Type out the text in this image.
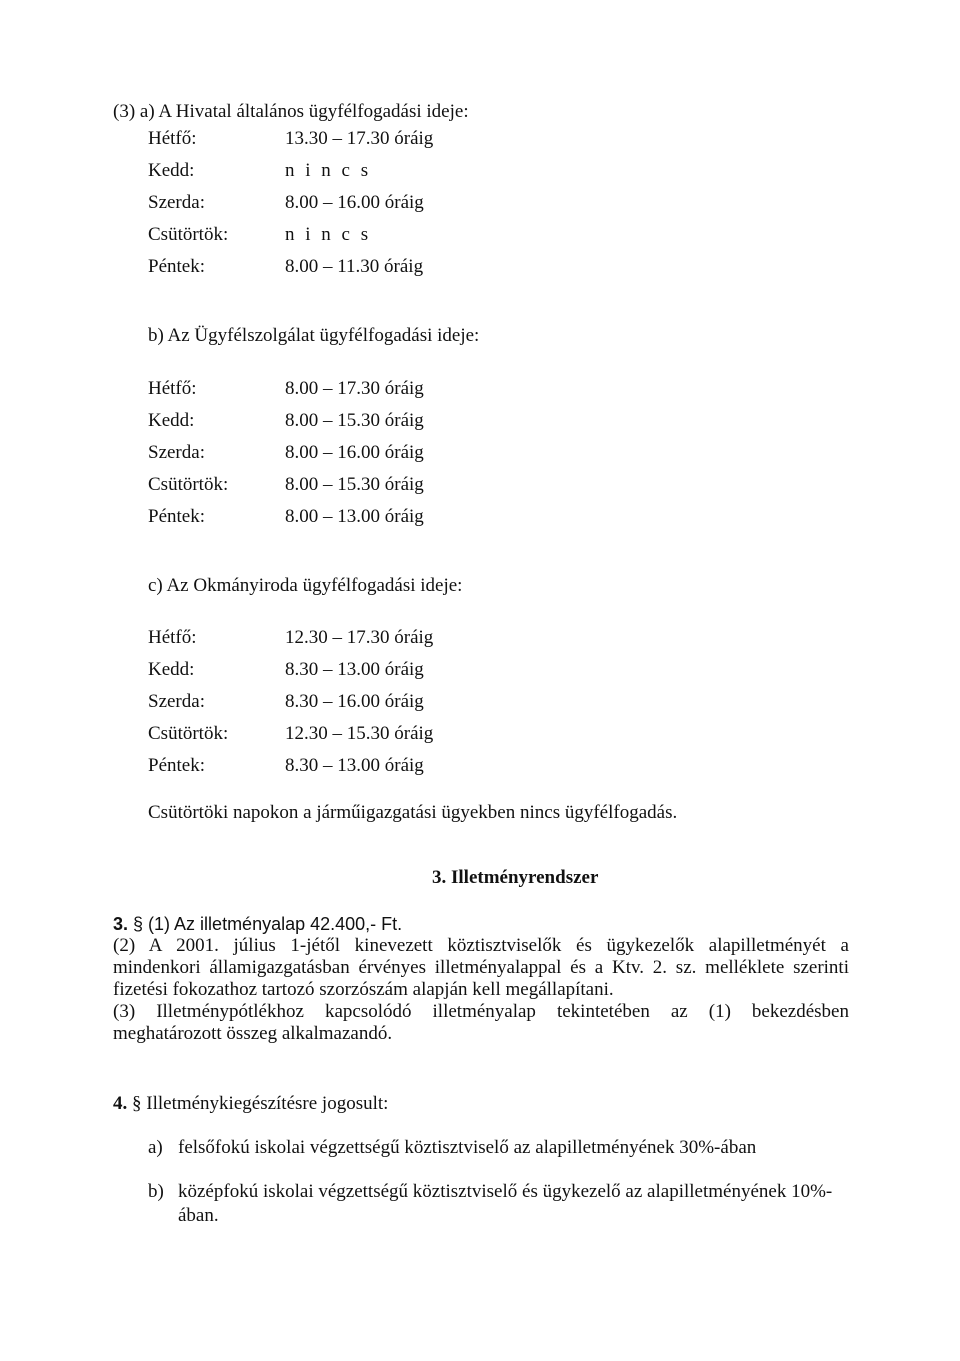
(3) a) A Hivatal általános ügyfélfogadási ideje:
Hétfő:	13.30 – 17.30 óráig
Kedd:	n i n c s
Szerda:	8.00 – 16.00 óráig
Csütörtök:	n i n c s
Péntek:	8.00 – 11.30 óráig
b) Az Ügyfélszolgálat ügyfélfogadási ideje:
Hétfő:	8.00 – 17.30 óráig
Kedd:	8.00 – 15.30 óráig
Szerda:	8.00 – 16.00 óráig
Csütörtök:	8.00 – 15.30 óráig
Péntek:	8.00 – 13.00 óráig
c) Az Okmányiroda ügyfélfogadási ideje:
Hétfő:	12.30 – 17.30 óráig
Kedd:	8.30 – 13.00 óráig
Szerda:	8.30 – 16.00 óráig
Csütörtök:	12.30 – 15.30 óráig
Péntek:	8.30 – 13.00 óráig
Csütörtöki napokon a járműigazgatási ügyekben nincs ügyfélfogadás.
3. Illetményrendszer
3. § (1) Az illetményalap 42.400,- Ft.
(2) A 2001. július 1-jétől kinevezett köztisztviselők és ügykezelők alapilletményét a
mindenkori államigazgatásban érvényes illetményalappal és a Ktv. 2. sz. melléklete szerinti
fizetési fokozathoz tartozó szorzószám alapján kell megállapítani.
(3) Illetménypótlékhoz kapcsolódó illetményalap tekintetében az (1) bekezdésben
meghatározott összeg alkalmazandó.
4. § Illetménykiegészítésre jogosult:
a) felsőfokú iskolai végzettségű köztisztviselő az alapilletményének 30%-ában
b) középfokú iskolai végzettségű köztisztviselő és ügykezelő az alapilletményének 10%-
ában.
